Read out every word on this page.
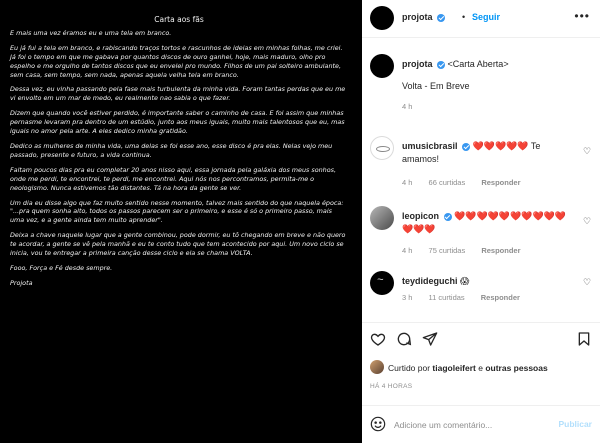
Carta aos fãs

E mais uma vez éramos eu e uma tela em branco.

Eu já fui a tela em branco, e rabiscando traços tortos e rascunhos de ideias em minhas folhas, me criei. Já foi o tempo em que me gabava por quantos discos de ouro ganhei, hoje, mais maduro, olho pro espelho e me orgulho de tantos discos que eu envelei pro mundo. Filhos de um pai solteiro ambulante, sem casa, sem tempo, sem nada, apenas aquela velha tela em branco.

Dessa vez, eu vinha passando pela fase mais turbulenta da minha vida. Foram tantas perdas que eu me vi envolto em um mar de medo, eu realmente nao sabia o que fazer.

Dizem que quando você estiver perdido, é importante saber o caminho de casa. E foi assim que minhas pernasme levaram pra dentro de um estúdio, junto aos meus iguais, muito mais talentosos que eu, mas iguais no amor pela arte. A eles dedico minha gratidão.

Dedico as mulheres de minha vida, uma delas se foi esse ano, esse disco é pra elas. Nelas vejo meu passado, presente e futuro, a vida continua.

Faltam poucos dias pra eu completar 20 anos nisso aqui, essa jornada pela galáxia dos meus sonhos, onde me perdi, te encontrei, te perdi, me encontrei. Aqui nós nos percontramos, permita-me o neologismo. Nunca estivemos tão distantes. Tá na hora da gente se ver.

Um dia eu disse algo que faz muito sentido nesse momento, talvez mais sentido do que naquela época: "...pra quem sonha alto, todos os passos parecem ser o primeiro, e esse é só o primeiro passo, mais uma vez, e a gente ainda tem muito aprender".

Deixa a chave naquele lugar que a gente combinou, pode dormir, eu tô chegando em breve e não quero te acordar, a gente se vê pela manhã e eu te conto tudo que tem acontecido por aqui. Um novo ciclo se inicia, vou te entregar a primeira canção desse ciclo e ela se chama VOLTA.

Fooo, Força e Fé desde sempre.

Projota

projota	• Seguir	•••
projota <Carta Aberta>
Volta - Em Breve
4 h
umusicbrasil ❤️❤️❤️❤️❤️ Te amamos!
♡
4 h 66 curtidas Responder
leopicon ❤️❤️❤️❤️❤️❤️❤️❤️❤️❤️❤️❤️❤️
♡
4 h 75 curtidas Responder
~
teydideguchi 😱	♡
3 h 11 curtidas Responder
Curtido por tiagoleifert e outras pessoas
HÁ 4 HORAS
Adicione um comentário...
Publicar
